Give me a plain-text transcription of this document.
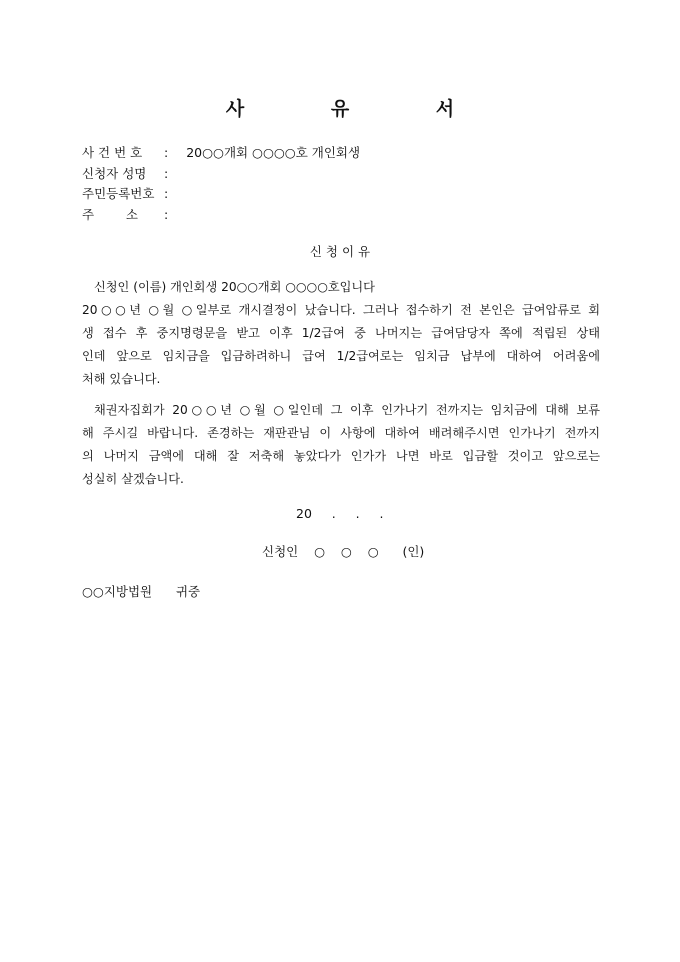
사 유 서
사 건 번 호 : 20○○개회 ○○○○호 개인회생
신청자 성명 :
주민등록번호 :
주        소 :
신 청 이 유
신청인 (이름) 개인회생 20○○개회 ○○○○호입니다
20○○년 ○월 ○일부로 개시결정이 났습니다. 그러나 접수하기 전 본인은 급여압류로 회
생 접수 후 중지명령문을 받고 이후 1/2급여 중 나머지는 급여담당자 쪽에 적립된 상태
인데 앞으로 임치금을 입금하려하니 급여 1/2급여로는 임치금 납부에 대하여 어려움에
처해 있습니다.
채권자집회가 20○○년 ○월 ○일인데 그 이후 인가나기 전까지는 임치금에 대해 보류
해 주시길 바랍니다. 존경하는 재판관님 이 사항에 대하여 배려해주시면 인가나기 전까지
의 나머지 금액에 대해 잘 저축해 놓았다가 인가가 나면 바로 입금할 것이고 앞으로는
성실히 살겠습니다.
20     .     .     .
신청인    ○    ○    ○      (인)
○○지방법원      귀중
